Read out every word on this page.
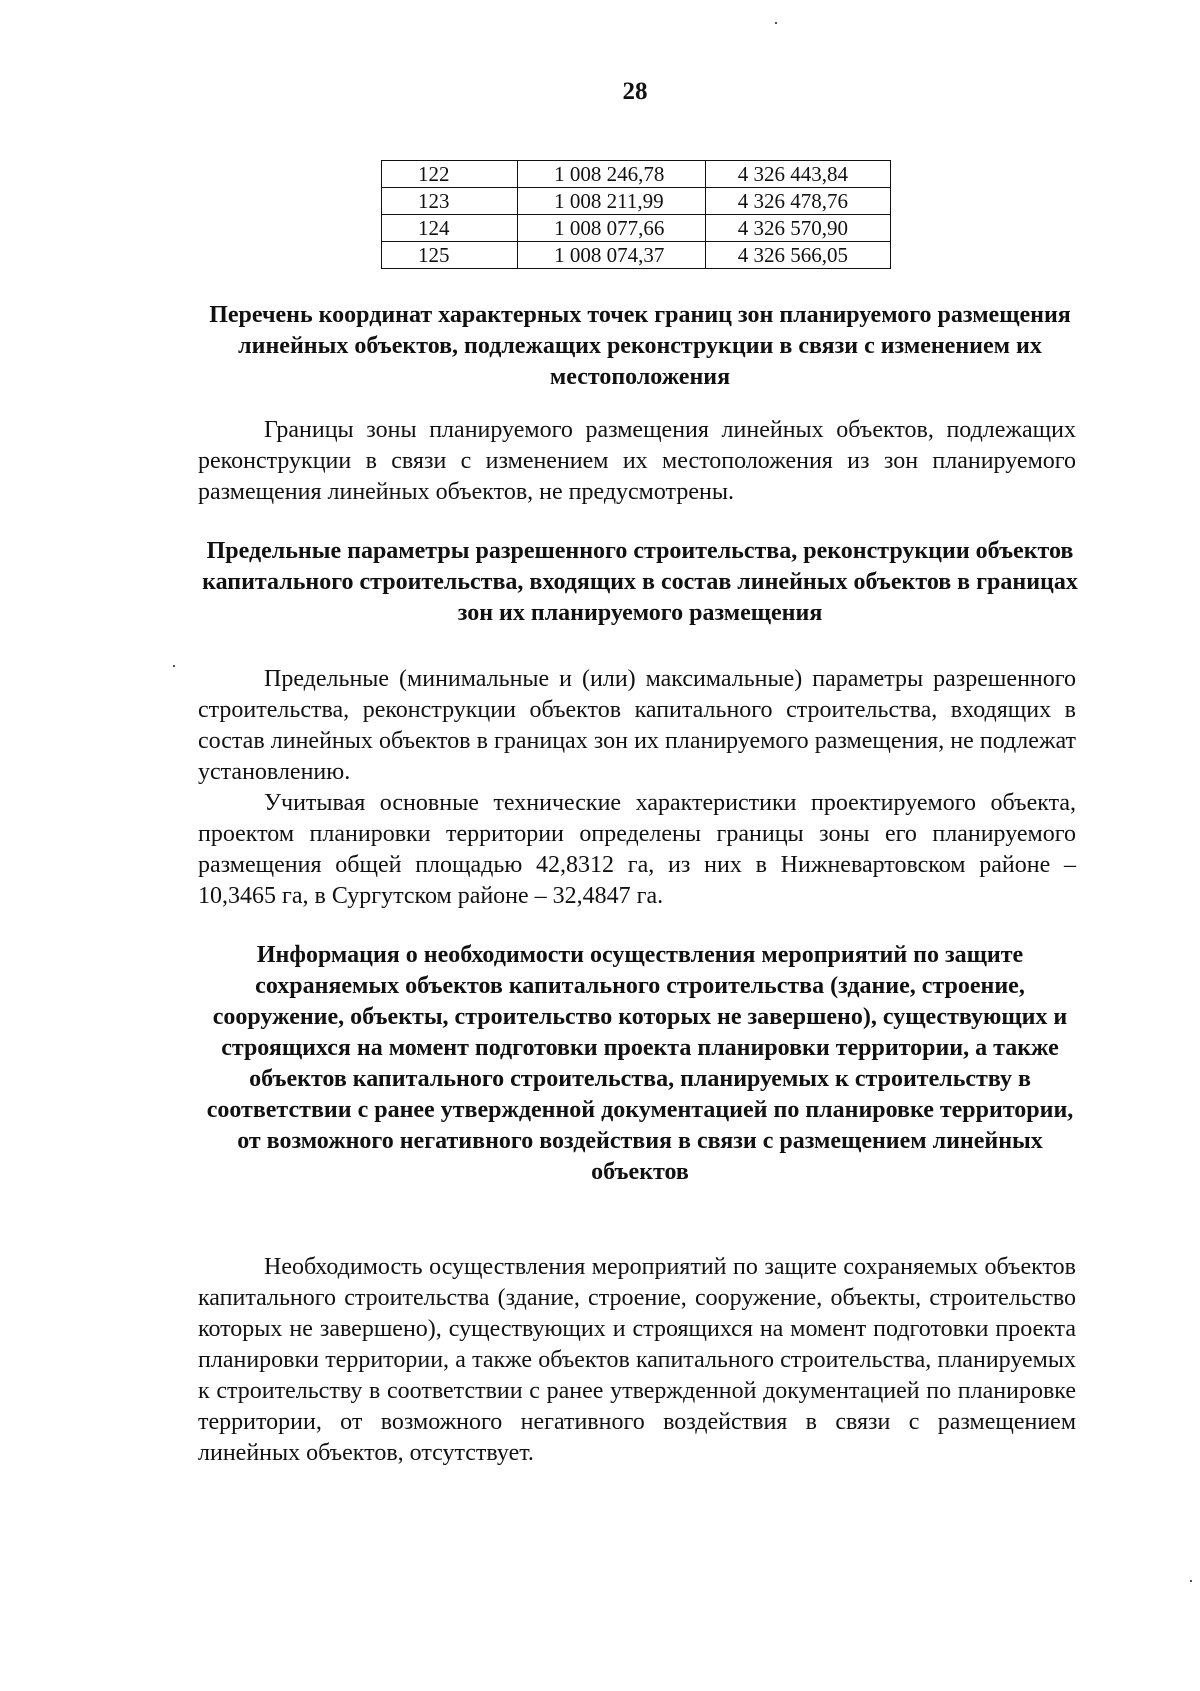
28
122	1 008 246,78	4 326 443,84
123	1 008 211,99	4 326 478,76
124	1 008 077,66	4 326 570,90
125	1 008 074,37	4 326 566,05
Перечень координат характерных точек границ зон планируемого размещения линейных объектов, подлежащих реконструкции в связи с изменением их местоположения

Границы зоны планируемого размещения линейных объектов, подлежащих реконструкции в связи с изменением их местоположения из зон планируемого размещения линейных объектов, не предусмотрены.

Предельные параметры разрешенного строительства, реконструкции объектов капитального строительства, входящих в состав линейных объектов в границах зон их планируемого размещения

Предельные (минимальные и (или) максимальные) параметры разрешенного строительства, реконструкции объектов капитального строительства, входящих в состав линейных объектов в границах зон их планируемого размещения, не подлежат установлению.

Учитывая основные технические характеристики проектируемого объекта, проектом планировки территории определены границы зоны его планируемого размещения общей площадью 42,8312 га, из них в Нижневартовском районе – 10,3465 га, в Сургутском районе – 32,4847 га.

Информация о необходимости осуществления мероприятий по защите сохраняемых объектов капитального строительства (здание, строение, сооружение, объекты, строительство которых не завершено), существующих и строящихся на момент подготовки проекта планировки территории, а также объектов капитального строительства, планируемых к строительству в соответствии с ранее утвержденной документацией по планировке территории, от возможного негативного воздействия в связи с размещением линейных объектов

Необходимость осуществления мероприятий по защите сохраняемых объектов капитального строительства (здание, строение, сооружение, объекты, строительство которых не завершено), существующих и строящихся на момент подготовки проекта планировки территории, а также объектов капитального строительства, планируемых к строительству в соответствии с ранее утвержденной документацией по планировке территории, от возможного негативного воздействия в связи с размещением линейных объектов, отсутствует.
